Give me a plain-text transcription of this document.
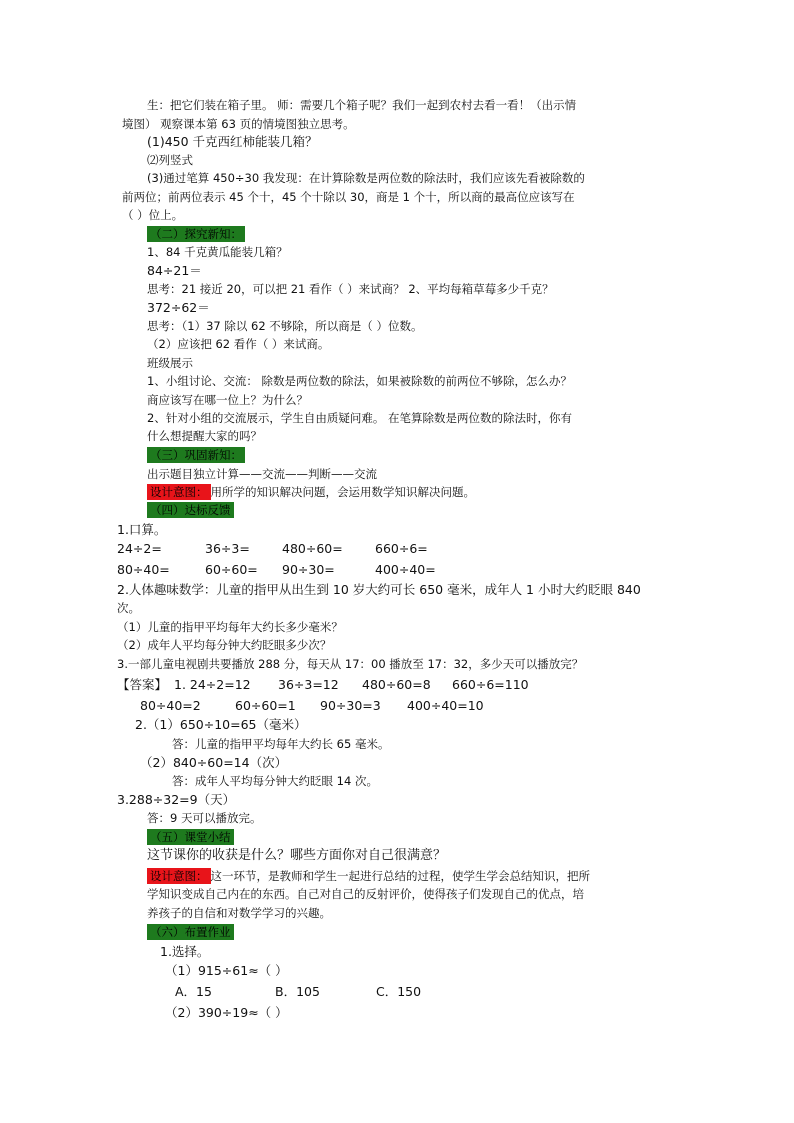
生：把它们装在箱子里。 师：需要几个箱子呢？我们一起到农村去看一看！（出示情
境图） 观察课本第 63 页的情境图独立思考。
(1)450 千克西红柿能装几箱？
⑵列竖式
(3)通过笔算 450÷30 我发现：在计算除数是两位数的除法时，我们应该先看被除数的
前两位；前两位表示 45 个十，45 个十除以 30，商是 1 个十，所以商的最高位应该写在
（ ）位上。
（二）探究新知：
1、84 千克黄瓜能装几箱？
84÷21＝
思考：21 接近 20，可以把 21 看作（ ）来试商？ 2、平均每箱草莓多少千克？
372÷62＝
思考：（1）37 除以 62 不够除，所以商是（ ）位数。
（2）应该把 62 看作（ ）来试商。
班级展示
1、小组讨论、交流： 除数是两位数的除法，如果被除数的前两位不够除，怎么办？
商应该写在哪一位上？为什么？
2、针对小组的交流展示，学生自由质疑问难。 在笔算除数是两位数的除法时，你有
什么想提醒大家的吗？
（三）巩固新知：
出示题目独立计算——交流——判断——交流
设计意图： 用所学的知识解决问题，会运用数学知识解决问题。
（四）达标反馈
1.口算。
24÷2=	36÷3=	480÷60=	660÷6=
80÷40=	60÷60= 90÷30=	400÷40=
2.人体趣味数学：儿童的指甲从出生到 10 岁大约可长 650 毫米，成年人 1 小时大约眨眼 840
次。
（1）儿童的指甲平均每年大约长多少毫米？
（2）成年人平均每分钟大约眨眼多少次？
3.一部儿童电视剧共要播放 288 分，每天从 17：00 播放至 17：32，多少天可以播放完？
【答案】 1. 24÷2=12 36÷3=12 480÷60=8 660÷6=110
80÷40=2	60÷60=1 90÷30=3 400÷40=10
2.（1）650÷10=65（毫米）
答：儿童的指甲平均每年大约长 65 毫米。
（2）840÷60=14（次）
答：成年人平均每分钟大约眨眼 14 次。
3.288÷32=9（天）
答：9 天可以播放完。
（五）课堂小结
这节课你的收获是什么？哪些方面你对自己很满意？
设计意图： 这一环节，是教师和学生一起进行总结的过程，使学生学会总结知识，把所
学知识变成自己内在的东西。自己对自己的反射评价，使得孩子们发现自己的优点，培
养孩子的自信和对数学学习的兴趣。
（六）布置作业
1.选择。
（1）915÷61≈（ ）
A．15	B．105	C．150
（2）390÷19≈（ ）
